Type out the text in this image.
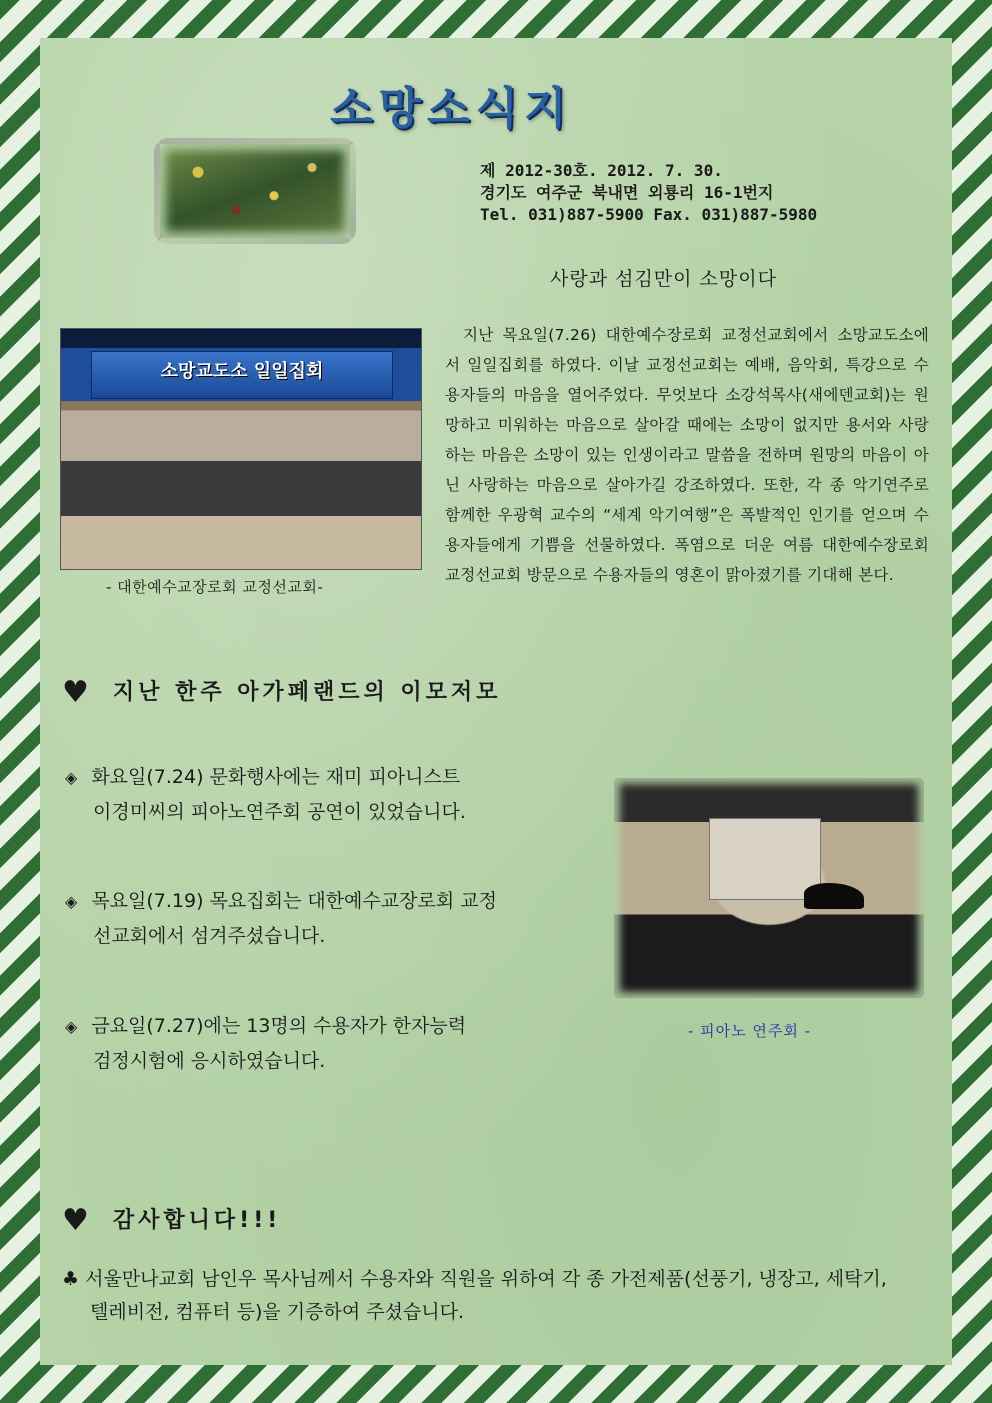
소망소식지
제 2012-30호. 2012. 7. 30.
경기도 여주군 북내면 외룡리 16-1번지
Tel. 031)887-5900 Fax. 031)887-5980
사랑과 섬김만이 소망이다
소망교도소 일일집회
- 대한예수교장로회 교정선교회-
지난 목요일(7.26) 대한예수장로회 교정선교회에서 소망교도소에서 일일집회를 하였다. 이날 교정선교회는 예배, 음악회, 특강으로 수용자들의 마음을 열어주었다. 무엇보다 소강석목사(새에덴교회)는 원망하고 미워하는 마음으로 살아갈 때에는 소망이 없지만 용서와 사랑하는 마음은 소망이 있는 인생이라고 말씀을 전하며 원망의 마음이 아닌 사랑하는 마음으로 살아가길 강조하였다. 또한, 각 종 악기연주로 함께한 우광혁 교수의 “세계 악기여행”은 폭발적인 인기를 얻으며 수용자들에게 기쁨을 선물하였다. 폭염으로 더운 여름 대한예수장로회 교정선교회 방문으로 수용자들의 영혼이 맑아졌기를 기대해 본다.
♥ 지난 한주 아가페랜드의 이모저모
◈ 화요일(7.24) 문화행사에는 재미 피아니스트
이경미씨의 피아노연주회 공연이 있었습니다.
◈ 목요일(7.19) 목요집회는 대한예수교장로회 교정
선교회에서 섬겨주셨습니다.
◈ 금요일(7.27)에는 13명의 수용자가 한자능력
검정시험에 응시하였습니다.
- 피아노 연주회 -
♥ 감사합니다!!!
♣ 서울만나교회 남인우 목사님께서 수용자와 직원을 위하여 각 종 가전제품(선풍기, 냉장고, 세탁기,
텔레비전, 컴퓨터 등)을 기증하여 주셨습니다.
